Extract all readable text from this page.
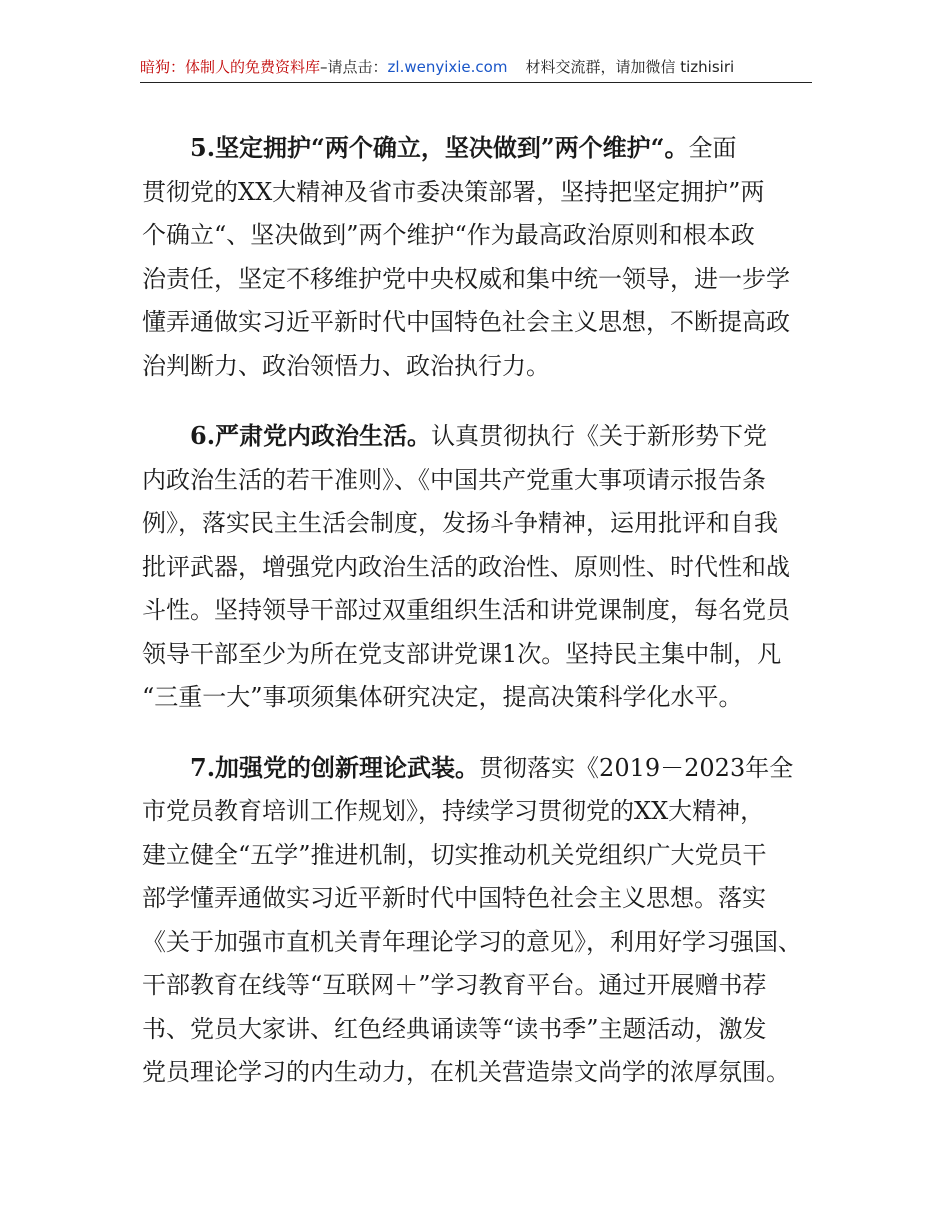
暗狗：体制人的免费资料库–请点击：zl.wenyixie.com 材料交流群，请加微信 tizhisiri

5.坚定拥护“两个确立，坚决做到”两个维护“。全面
贯彻党的XX大精神及省市委决策部署，坚持把坚定拥护”两
个确立“、坚决做到”两个维护“作为最高政治原则和根本政
治责任，坚定不移维护党中央权威和集中统一领导，进一步学
懂弄通做实习近平新时代中国特色社会主义思想，不断提高政
治判断力、政治领悟力、政治执行力。

6.严肃党内政治生活。认真贯彻执行《关于新形势下党
内政治生活的若干准则》、《中国共产党重大事项请示报告条
例》，落实民主生活会制度，发扬斗争精神，运用批评和自我
批评武器，增强党内政治生活的政治性、原则性、时代性和战
斗性。坚持领导干部过双重组织生活和讲党课制度，每名党员
领导干部至少为所在党支部讲党课1次。坚持民主集中制，凡
“三重一大”事项须集体研究决定，提高决策科学化水平。

7.加强党的创新理论武装。贯彻落实《2019－2023年全
市党员教育培训工作规划》，持续学习贯彻党的XX大精神，
建立健全“五学”推进机制，切实推动机关党组织广大党员干
部学懂弄通做实习近平新时代中国特色社会主义思想。落实
《关于加强市直机关青年理论学习的意见》，利用好学习强国、
干部教育在线等“互联网＋”学习教育平台。通过开展赠书荐
书、党员大家讲、红色经典诵读等“读书季”主题活动，激发
党员理论学习的内生动力，在机关营造崇文尚学的浓厚氛围。
